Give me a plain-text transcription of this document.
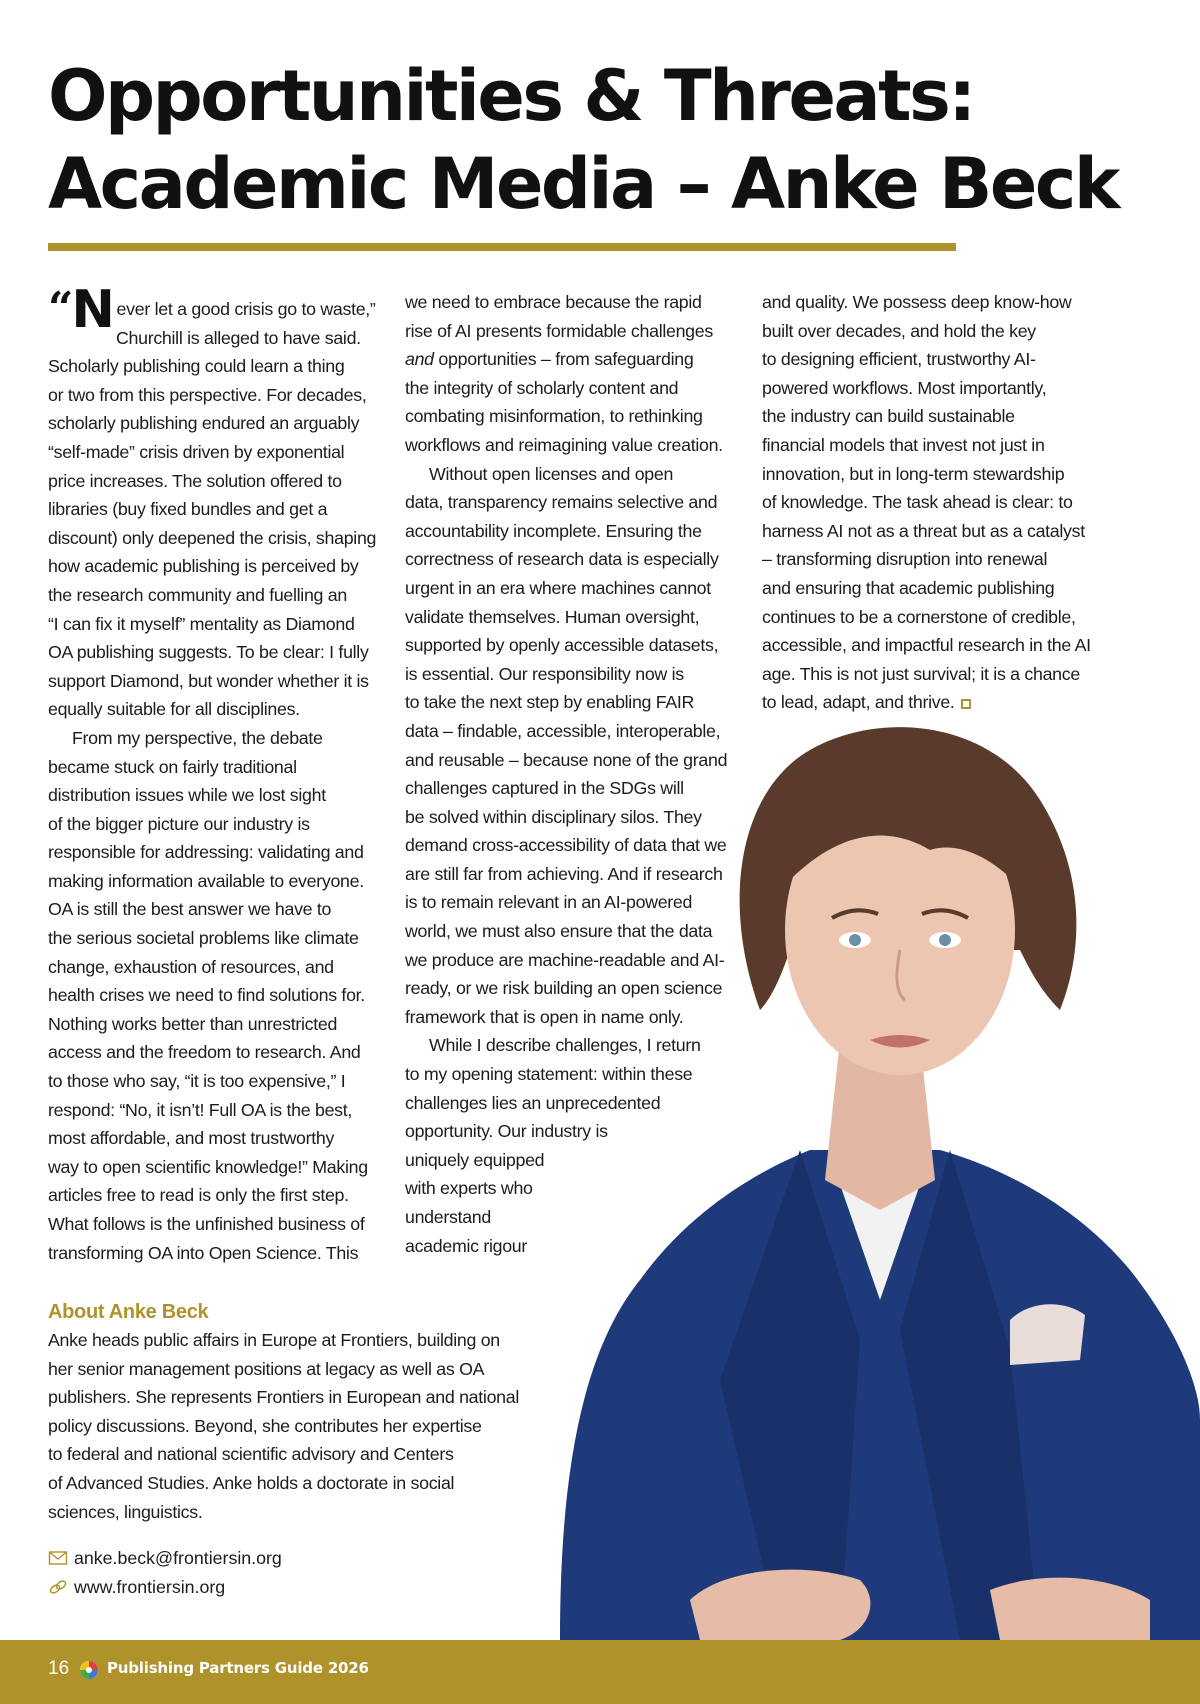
Opportunities & Threats:
Academic Media – Anke Beck

“N ever let a good crisis go to waste,”
Churchill is alleged to have said.
Scholarly publishing could learn a thing
or two from this perspective. For decades,
scholarly publishing endured an arguably
“self-made” crisis driven by exponential
price increases. The solution offered to
libraries (buy fixed bundles and get a
discount) only deepened the crisis, shaping
how academic publishing is perceived by
the research community and fuelling an
“I can fix it myself” mentality as Diamond
OA publishing suggests. To be clear: I fully
support Diamond, but wonder whether it is
equally suitable for all disciplines.

From my perspective, the debate
became stuck on fairly traditional
distribution issues while we lost sight
of the bigger picture our industry is
responsible for addressing: validating and
making information available to everyone.
OA is still the best answer we have to
the serious societal problems like climate
change, exhaustion of resources, and
health crises we need to find solutions for.
Nothing works better than unrestricted
access and the freedom to research. And
to those who say, “it is too expensive,” I
respond: “No, it isn’t! Full OA is the best,
most affordable, and most trustworthy
way to open scientific knowledge!” Making
articles free to read is only the first step.
What follows is the unfinished business of
transforming OA into Open Science. This

we need to embrace because the rapid
rise of AI presents formidable challenges
and opportunities – from safeguarding
the integrity of scholarly content and
combating misinformation, to rethinking
workflows and reimagining value creation.

Without open licenses and open
data, transparency remains selective and
accountability incomplete. Ensuring the
correctness of research data is especially
urgent in an era where machines cannot
validate themselves. Human oversight,
supported by openly accessible datasets,
is essential. Our responsibility now is
to take the next step by enabling FAIR
data – findable, accessible, interoperable,
and reusable – because none of the grand
challenges captured in the SDGs will
be solved within disciplinary silos. They
demand cross-accessibility of data that we
are still far from achieving. And if research
is to remain relevant in an AI-powered
world, we must also ensure that the data
we produce are machine-readable and AI-
ready, or we risk building an open science
framework that is open in name only.

While I describe challenges, I return
to my opening statement: within these
challenges lies an unprecedented
opportunity. Our industry is
uniquely equipped
with experts who
understand
academic rigour

and quality. We possess deep know-how
built over decades, and hold the key
to designing efficient, trustworthy AI-
powered workflows. Most importantly,
the industry can build sustainable
financial models that invest not just in
innovation, but in long-term stewardship
of knowledge. The task ahead is clear: to
harness AI not as a threat but as a catalyst
– transforming disruption into renewal
and ensuring that academic publishing
continues to be a cornerstone of credible,
accessible, and impactful research in the AI
age. This is not just survival; it is a chance
to lead, adapt, and thrive.

About Anke Beck

Anke heads public affairs in Europe at Frontiers, building on
her senior management positions at legacy as well as OA
publishers. She represents Frontiers in European and national
policy discussions. Beyond, she contributes her expertise
to federal and national scientific advisory and Centers
of Advanced Studies. Anke holds a doctorate in social
sciences, linguistics.

anke.beck@frontiersin.org
www.frontiersin.org
16	Publishing Partners Guide 2026
